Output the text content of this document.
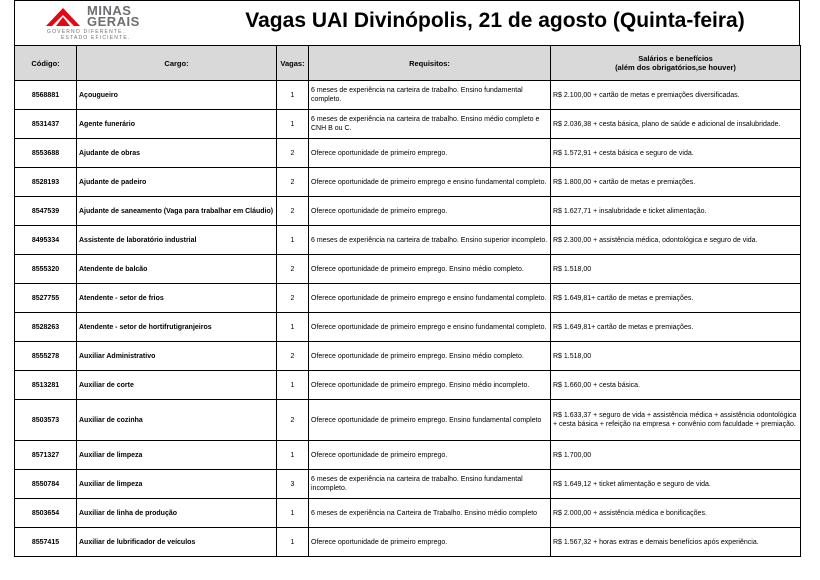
MINAS
GERAIS
GOVERNO DIFERENTE.
ESTADO EFICIENTE.
Vagas UAI Divinópolis, 21 de agosto (Quinta-feira)
Código:	Cargo:	Vagas:	Requisitos:	Salários e benefícios
(além dos obrigatórios,se houver)

8568881	Açougueiro	1	6 meses de experiência na carteira de trabalho. Ensino fundamental completo.	R$ 2.100,00 + cartão de metas e premiações diversificadas.
8531437	Agente funerário	1	6 meses de experiência na carteira de trabalho. Ensino médio completo e CNH B ou C.	R$ 2.036,38 + cesta básica, plano de saúde e adicional de insalubridade.
8553688	Ajudante de obras	2	Oferece oportunidade de primeiro emprego.	R$ 1.572,91 + cesta básica e seguro de vida.
8528193	Ajudante de padeiro	2	Oferece oportunidade de primeiro emprego e ensino fundamental completo.	R$ 1.800,00 + cartão de metas e premiações.
8547539	Ajudante de saneamento (Vaga para trabalhar em Cláudio)	2	Oferece oportunidade de primeiro emprego.	R$ 1.627,71 + insalubridade e ticket alimentação.
8495334	Assistente de laboratório industrial	1	6 meses de experiência na carteira de trabalho. Ensino superior incompleto.	R$ 2.300,00 + assistência médica, odontológica e seguro de vida.
8555320	Atendente de balcão	2	Oferece oportunidade de primeiro emprego. Ensino médio completo.	R$ 1.518,00
8527755	Atendente - setor de frios	2	Oferece oportunidade de primeiro emprego e ensino fundamental completo.	R$ 1.649,81+ cartão de metas e premiações.
8528263	Atendente - setor de hortifrutigranjeiros	1	Oferece oportunidade de primeiro emprego e ensino fundamental completo.	R$ 1.649,81+ cartão de metas e premiações.
8555278	Auxiliar Administrativo	2	Oferece oportunidade de primeiro emprego. Ensino médio completo.	R$ 1.518,00
8513281	Auxiliar de corte	1	Oferece oportunidade de primeiro emprego. Ensino médio incompleto.	R$ 1.660,00 + cesta básica.
8503573	Auxiliar de cozinha	2	Oferece oportunidade de primeiro emprego. Ensino fundamental completo	R$ 1.633,37 + seguro de vida + assistência médica + assistência odontológica + cesta básica + refeição na empresa + convênio com faculdade + premiação.
8571327	Auxiliar de limpeza	1	Oferece oportunidade de primeiro emprego.	R$ 1.700,00
8550784	Auxiliar de limpeza	3	6 meses de experiência na carteira de trabalho. Ensino fundamental incompleto.	R$ 1.649,12 + ticket alimentação e seguro de vida.
8503654	Auxiliar de linha de produção	1	6 meses de experiência na Carteira de Trabalho. Ensino médio completo	R$ 2.000,00 + assistência médica e bonificações.
8557415	Auxiliar de lubrificador de veículos	1	Oferece oportunidade de primeiro emprego.	R$ 1.567,32 + horas extras e demais benefícios após experiência.
